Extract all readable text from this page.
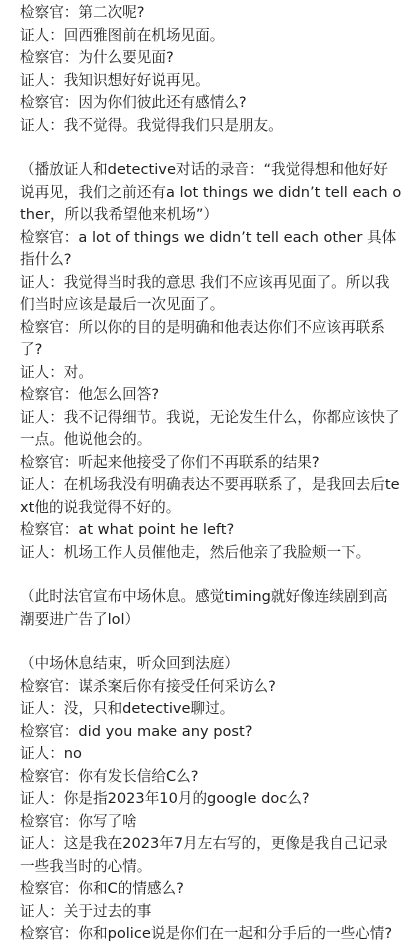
检察官：第二次呢?

证人：回西雅图前在机场见面。

检察官：为什么要见面?

证人：我知识想好好说再见。

检察官：因为你们彼此还有感情么?

证人：我不觉得。我觉得我们只是朋友。

（播放证人和detective对话的录音：“我觉得想和他好好说再见，我们之前还有a lot things we didn’t tell each other，所以我希望他来机场”）

检察官：a lot of things we didn’t tell each other 具体指什么?

证人：我觉得当时我的意思 我们不应该再见面了。所以我们当时应该是最后一次见面了。

检察官：所以你的目的是明确和他表达你们不应该再联系了?

证人：对。

检察官：他怎么回答?

证人：我不记得细节。我说，无论发生什么，你都应该快了一点。他说他会的。

检察官：听起来他接受了你们不再联系的结果?

证人：在机场我没有明确表达不要再联系了，是我回去后text他的说我觉得不好的。

检察官：at what point he left?

证人：机场工作人员催他走，然后他亲了我脸颊一下。

（此时法官宣布中场休息。感觉timing就好像连续剧到高潮要进广告了lol）

（中场休息结束，听众回到法庭）

检察官：谋杀案后你有接受任何采访么?

证人：没，只和detective聊过。

检察官：did you make any post?

证人：no

检察官：你有发长信给C么?

证人：你是指2023年10月的google doc么?

检察官：你写了啥

证人：这是我在2023年7月左右写的，更像是我自己记录一些我当时的心情。

检察官：你和C的情感么?

证人：关于过去的事

检察官：你和police说是你们在一起和分手后的一些心情?
